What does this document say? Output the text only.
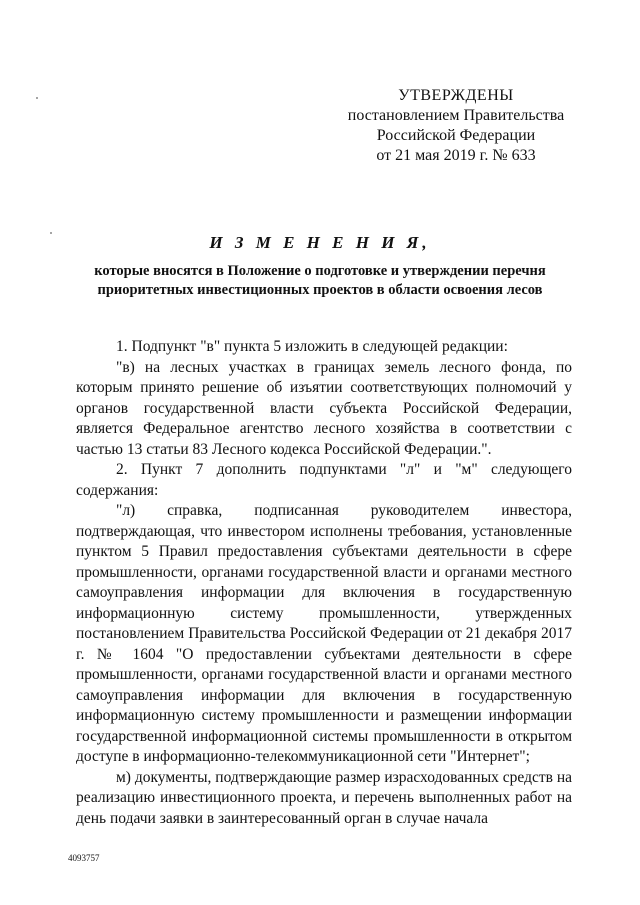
УТВЕРЖДЕНЫ
постановлением Правительства
Российской Федерации
от 21 мая 2019 г. № 633
И З М Е Н Е Н И Я,
которые вносятся в Положение о подготовке и утверждении перечня
приоритетных инвестиционных проектов в области освоения лесов

1. Подпункт "в" пункта 5 изложить в следующей редакции:

"в) на лесных участках в границах земель лесного фонда, по которым принято решение об изъятии соответствующих полномочий у органов государственной власти субъекта Российской Федерации, является Федеральное агентство лесного хозяйства в соответствии с частью 13 статьи 83 Лесного кодекса Российской Федерации.".

2. Пункт 7 дополнить подпунктами "л" и "м" следующего содержания:

"л) справка, подписанная руководителем инвестора, подтверждающая, что инвестором исполнены требования, установленные пунктом 5 Правил предоставления субъектами деятельности в сфере промышленности, органами государственной власти и органами местного самоуправления информации для включения в государственную информационную систему промышленности, утвержденных постановлением Правительства Российской Федерации от 21 декабря 2017 г. № 1604 "О предоставлении субъектами деятельности в сфере промышленности, органами государственной власти и органами местного самоуправления информации для включения в государственную информационную систему промышленности и размещении информации государственной информационной системы промышленности в открытом доступе в информационно-телекоммуникационной сети "Интернет";

м) документы, подтверждающие размер израсходованных средств на реализацию инвестиционного проекта, и перечень выполненных работ на день подачи заявки в заинтересованный орган в случае начала

4093757
